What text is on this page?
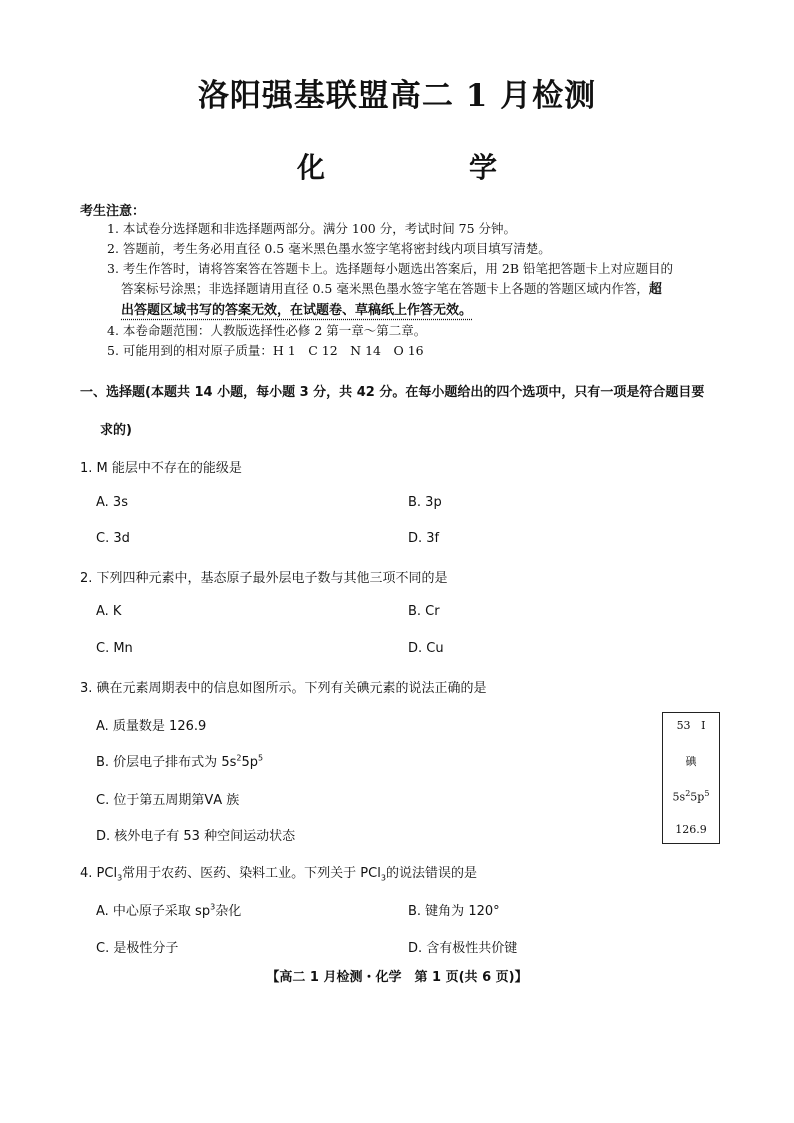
洛阳强基联盟高二 1 月检测
化　学
考生注意：
1. 本试卷分选择题和非选择题两部分。满分 100 分，考试时间 75 分钟。
2. 答题前，考生务必用直径 0.5 毫米黑色墨水签字笔将密封线内项目填写清楚。
3. 考生作答时，请将答案答在答题卡上。选择题每小题选出答案后，用 2B 铅笔把答题卡上对应题目的
答案标号涂黑；非选择题请用直径 0.5 毫米黑色墨水签字笔在答题卡上各题的答题区域内作答，超
出答题区域书写的答案无效，在试题卷、草稿纸上作答无效。
4. 本卷命题范围：人教版选择性必修 2 第一章～第二章。
5. 可能用到的相对原子质量：H 1　C 12　N 14　O 16
一、选择题(本题共 14 小题，每小题 3 分，共 42 分。在每小题给出的四个选项中，只有一项是符合题目要
求的)
1. M 能层中不存在的能级是
A. 3s	B. 3p
C. 3d	D. 3f
2. 下列四种元素中，基态原子最外层电子数与其他三项不同的是
A. K	B. Cr
C. Mn	D. Cu
3. 碘在元素周期表中的信息如图所示。下列有关碘元素的说法正确的是
A. 质量数是 126.9
B. 价层电子排布式为 $5s^25p^5$
C. 位于第五周期第ⅤA 族
D. 核外电子有 53 种空间运动状态
53 I
碘
$5s^25p^5$
126.9
4. PCl$_3$常用于农药、医药、染料工业。下列关于 PCl$_3$的说法错误的是
A. 中心原子采取 $sp^3$杂化	B. 键角为 120°
C. 是极性分子	D. 含有极性共价键
【高二 1 月检测・化学　第 1 页(共 6 页)】
